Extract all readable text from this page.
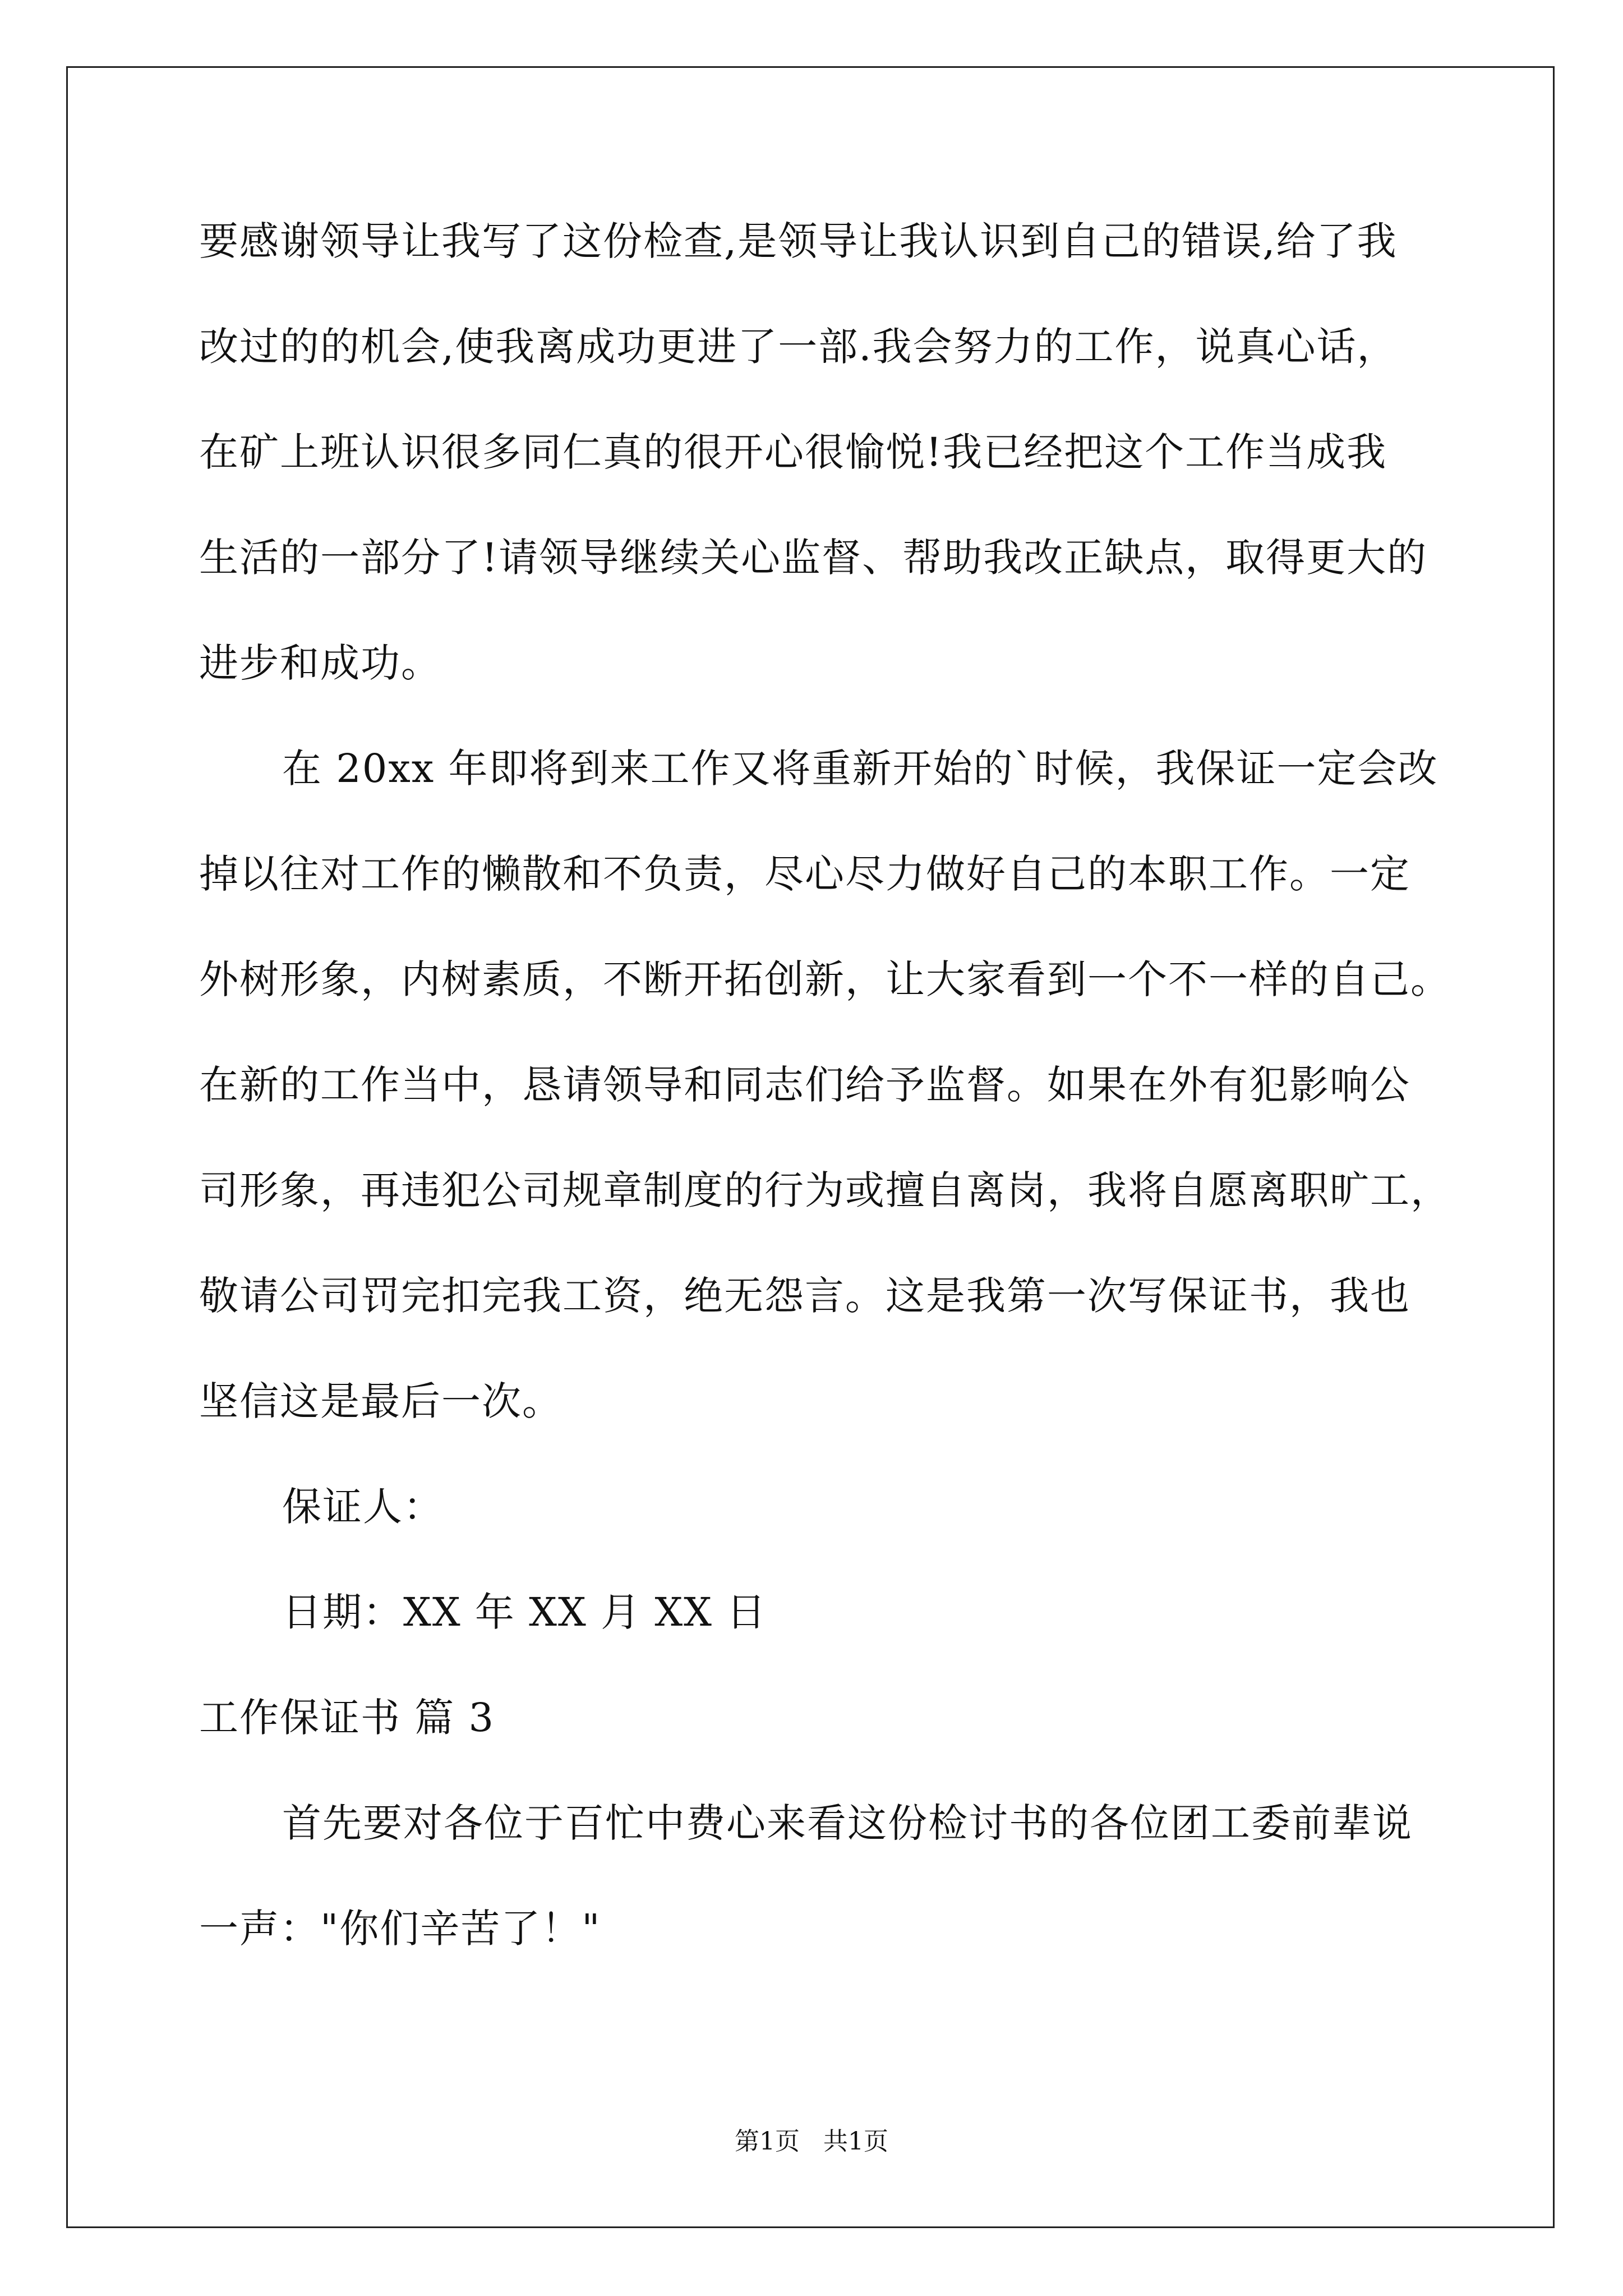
要感谢领导让我写了这份检查,是领导让我认识到自己的错误,给了我
改过的的机会,使我离成功更进了一部.我会努力的工作，说真心话，
在矿上班认识很多同仁真的很开心很愉悦!我已经把这个工作当成我
生活的一部分了!请领导继续关心监督、帮助我改正缺点，取得更大的
进步和成功。
在 20xx 年即将到来工作又将重新开始的`时候，我保证一定会改
掉以往对工作的懒散和不负责，尽心尽力做好自己的本职工作。一定
外树形象，内树素质，不断开拓创新，让大家看到一个不一样的自己。
在新的工作当中，恳请领导和同志们给予监督。如果在外有犯影响公
司形象，再违犯公司规章制度的行为或擅自离岗，我将自愿离职旷工，
敬请公司罚完扣完我工资，绝无怨言。这是我第一次写保证书，我也
坚信这是最后一次。
保证人：
日期：XX 年 XX 月 XX 日
工作保证书 篇 3
首先要对各位于百忙中费心来看这份检讨书的各位团工委前辈说
一声："你们辛苦了！"
第1页   共1页
